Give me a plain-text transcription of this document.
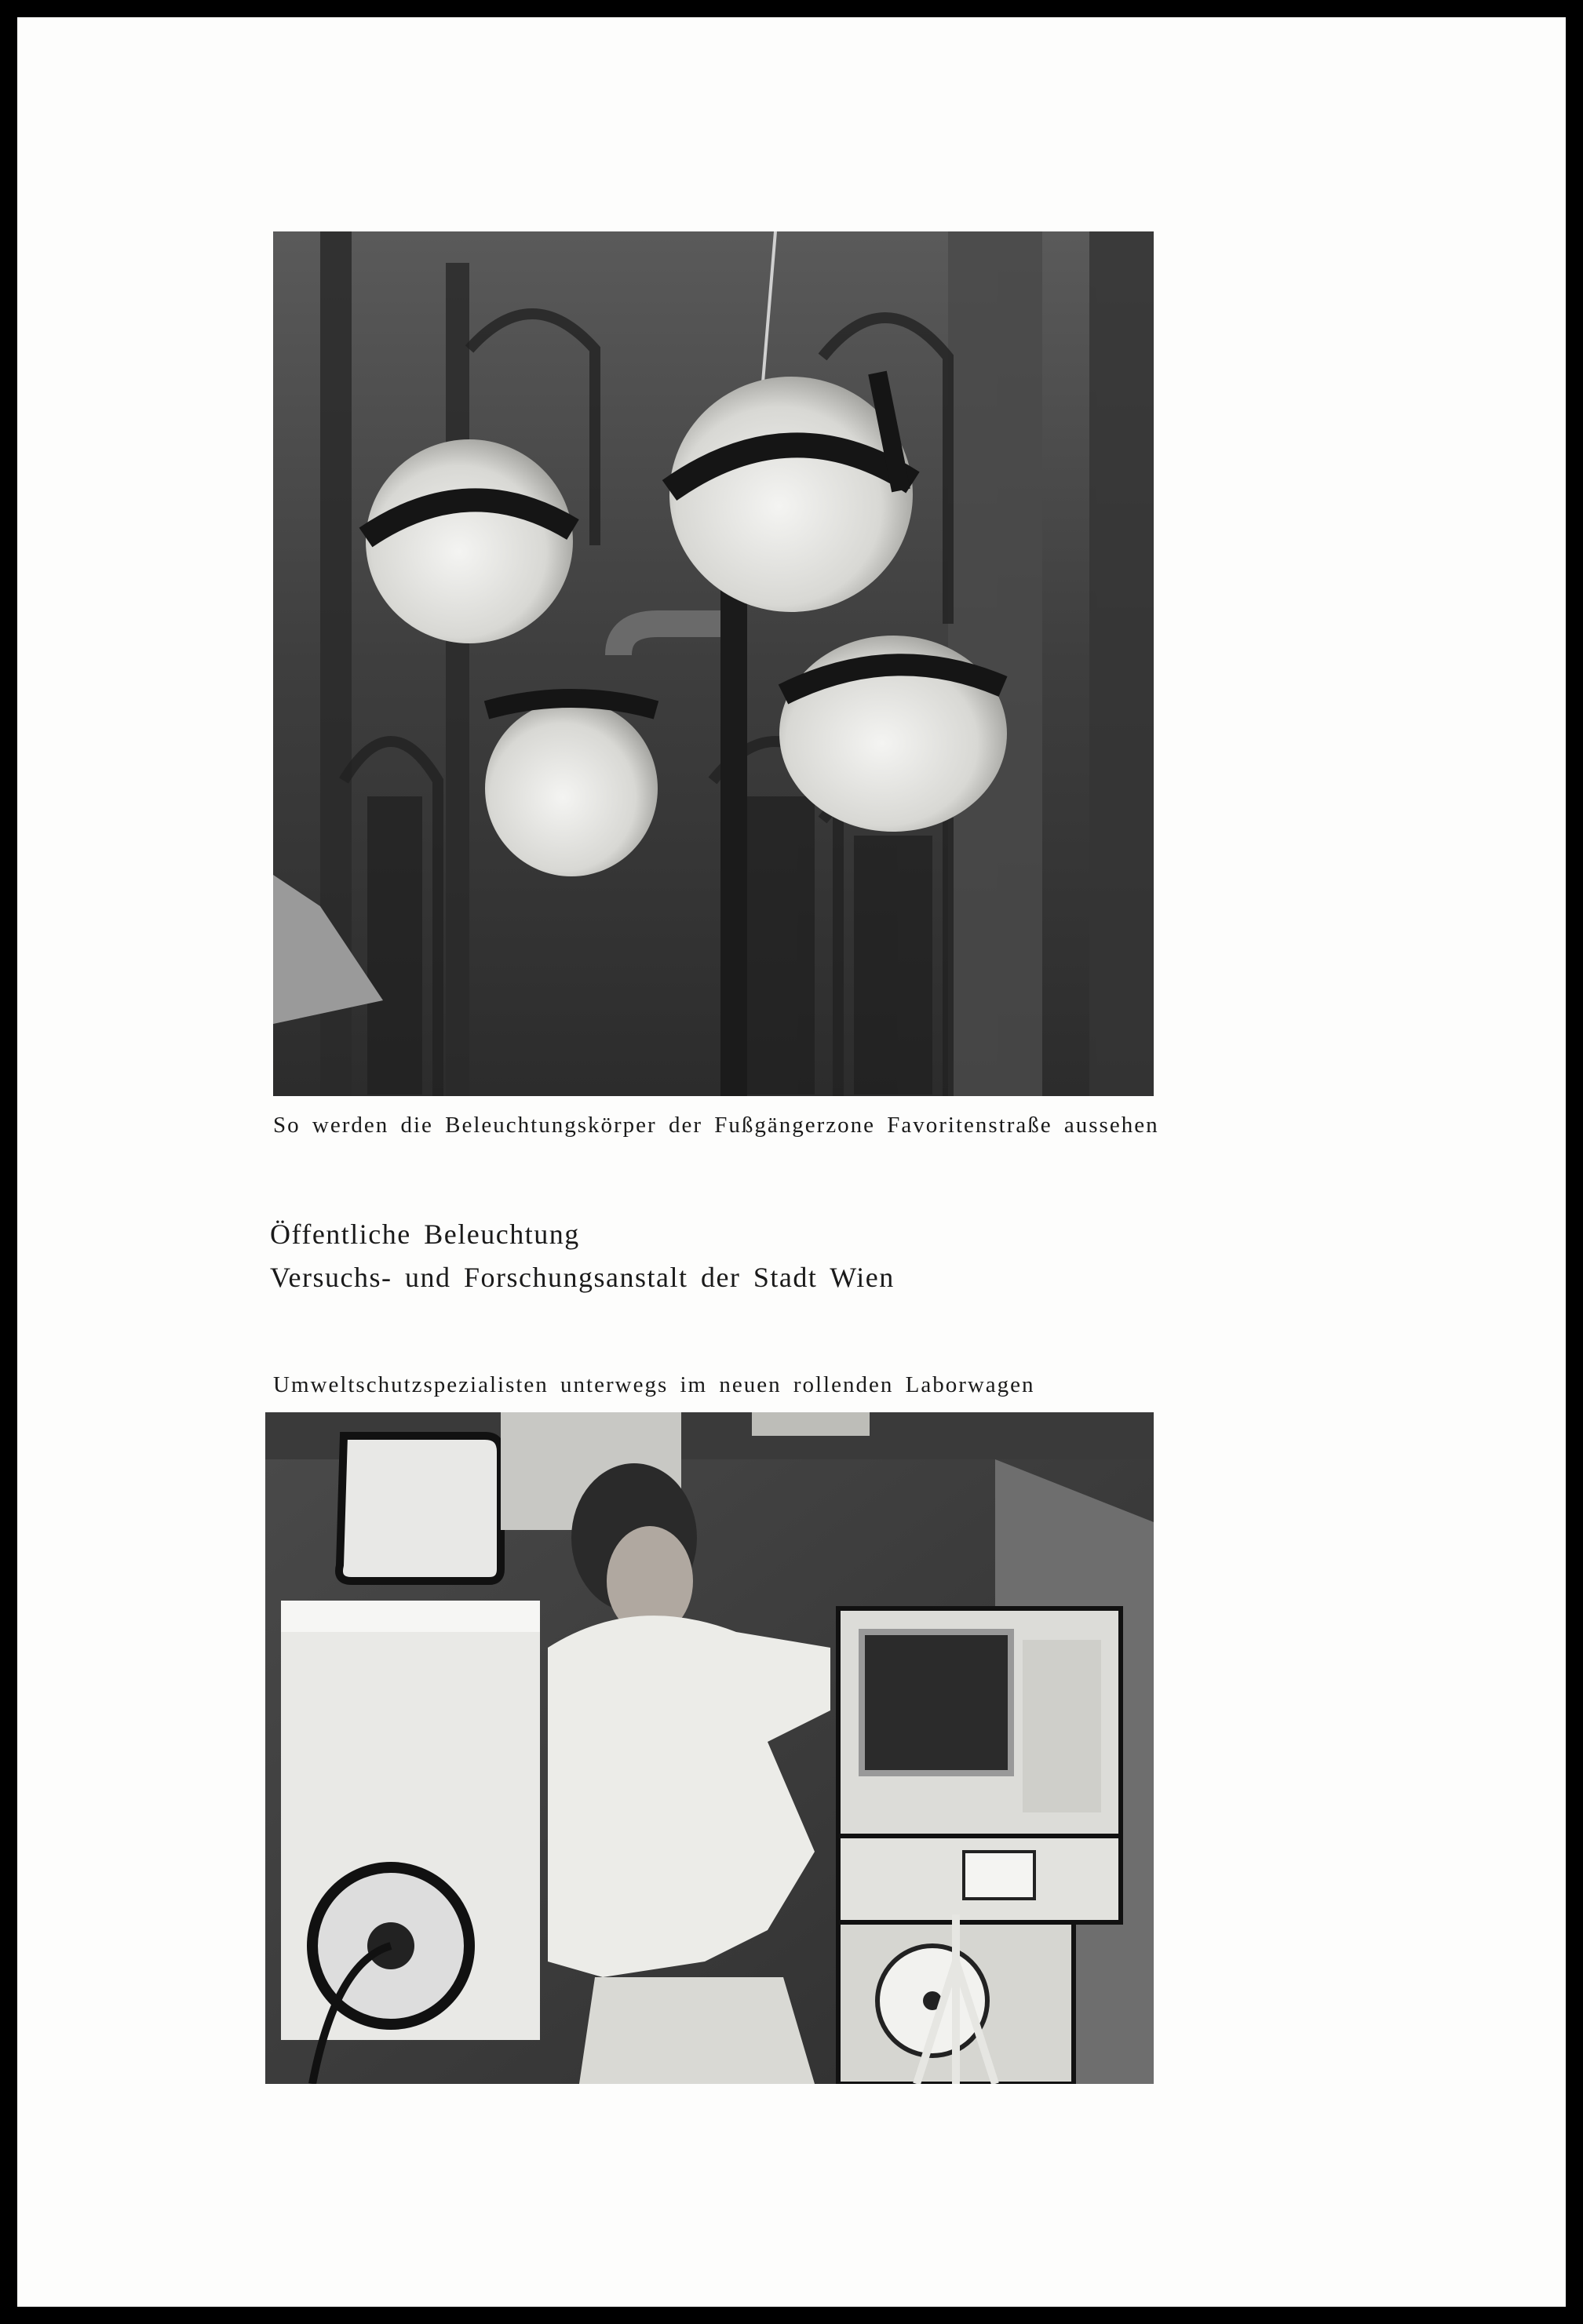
So werden die Beleuchtungskörper der Fußgängerzone Favoritenstraße aussehen
Öffentliche Beleuchtung
Versuchs- und Forschungsanstalt der Stadt Wien
Umweltschutzspezialisten unterwegs im neuen rollenden Laborwagen
